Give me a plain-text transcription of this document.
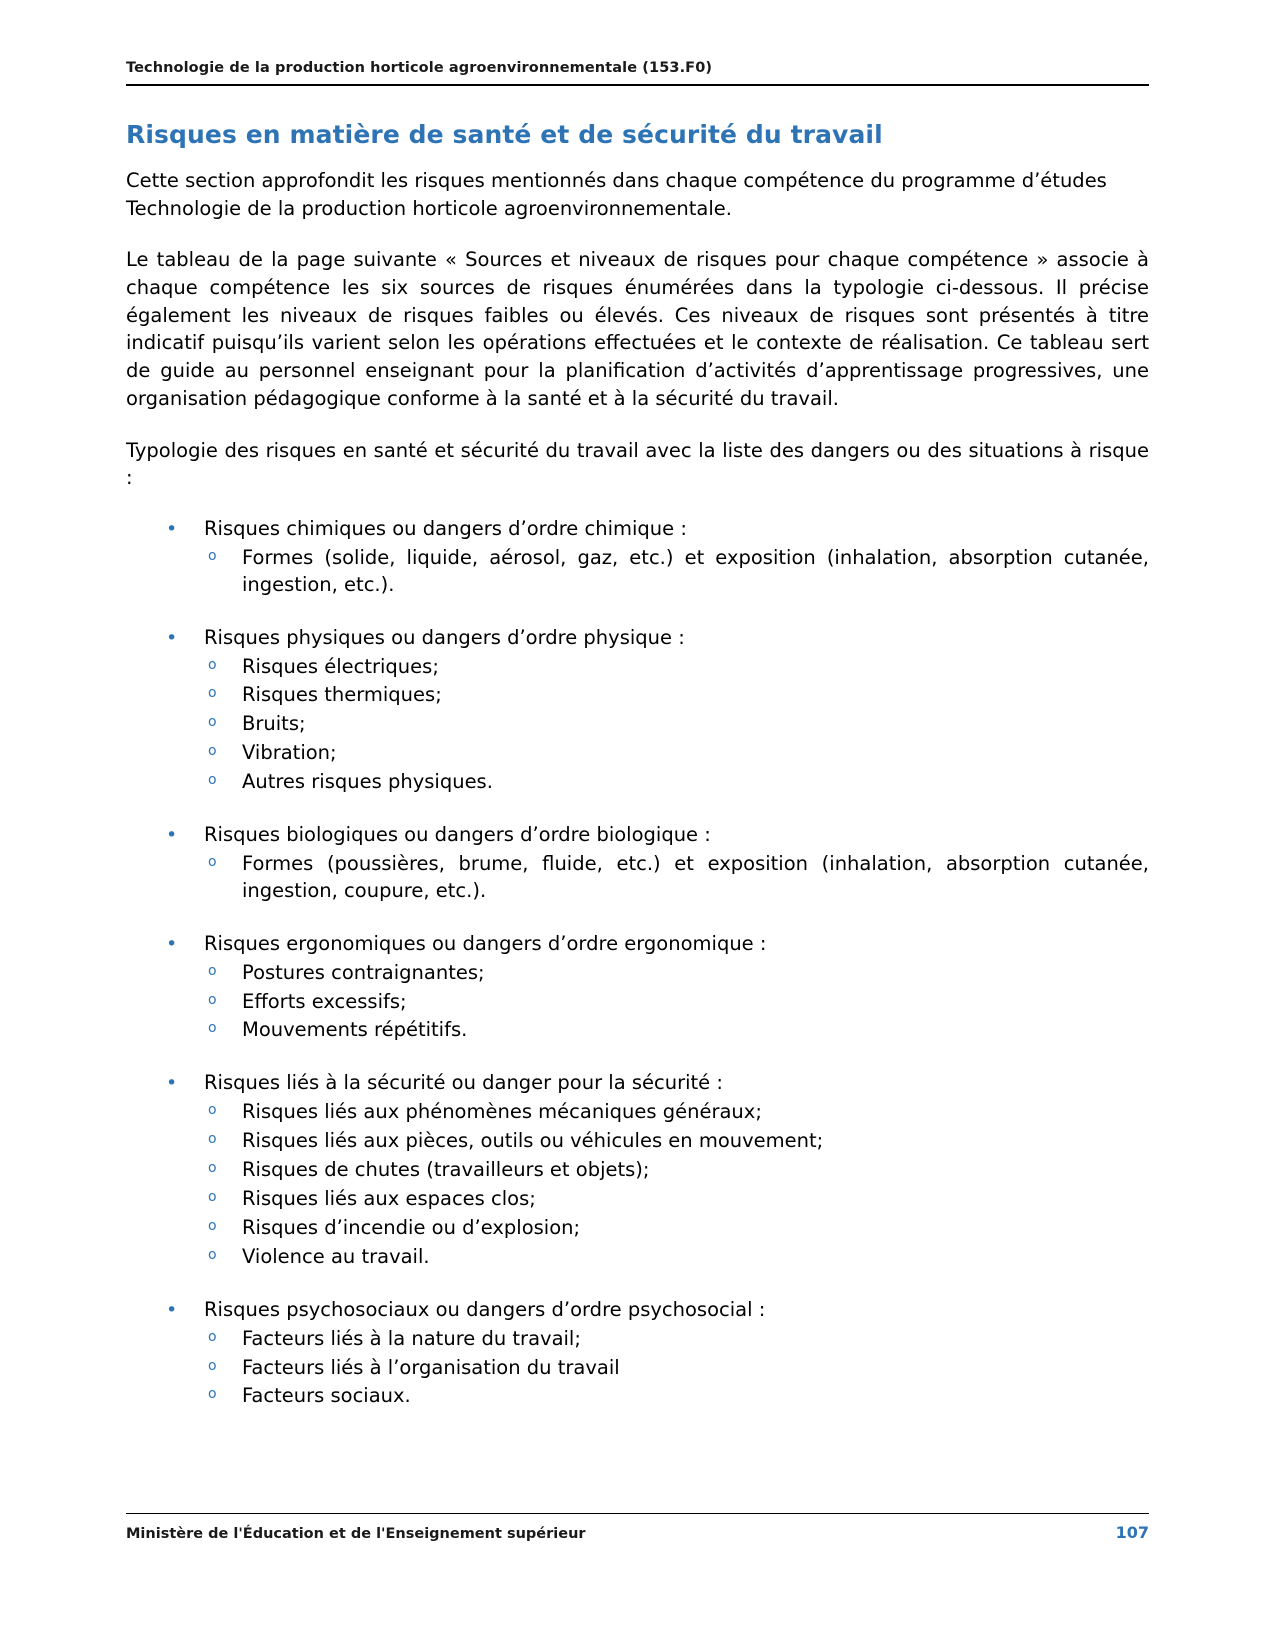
Technologie de la production horticole agroenvironnementale (153.F0)
Risques en matière de santé et de sécurité du travail

Cette section approfondit les risques mentionnés dans chaque compétence du programme d’études Technologie de la production horticole agroenvironnementale.

Le tableau de la page suivante « Sources et niveaux de risques pour chaque compétence » associe à chaque compétence les six sources de risques énumérées dans la typologie ci-dessous. Il précise également les niveaux de risques faibles ou élevés. Ces niveaux de risques sont présentés à titre indicatif puisqu’ils varient selon les opérations effectuées et le contexte de réalisation. Ce tableau sert de guide au personnel enseignant pour la planification d’activités d’apprentissage progressives, une organisation pédagogique conforme à la santé et à la sécurité du travail.

Typologie des risques en santé et sécurité du travail avec la liste des dangers ou des situations à risque :

• Risques chimiques ou dangers d’ordre chimique :
o Formes (solide, liquide, aérosol, gaz, etc.) et exposition (inhalation, absorption cutanée, ingestion, etc.).
• Risques physiques ou dangers d’ordre physique :
o Risques électriques;
o Risques thermiques;
o Bruits;
o Vibration;
o Autres risques physiques.
• Risques biologiques ou dangers d’ordre biologique :
o Formes (poussières, brume, fluide, etc.) et exposition (inhalation, absorption cutanée, ingestion, coupure, etc.).
• Risques ergonomiques ou dangers d’ordre ergonomique :
o Postures contraignantes;
o Efforts excessifs;
o Mouvements répétitifs.
• Risques liés à la sécurité ou danger pour la sécurité :
o Risques liés aux phénomènes mécaniques généraux;
o Risques liés aux pièces, outils ou véhicules en mouvement;
o Risques de chutes (travailleurs et objets);
o Risques liés aux espaces clos;
o Risques d’incendie ou d’explosion;
o Violence au travail.
• Risques psychosociaux ou dangers d’ordre psychosocial :
o Facteurs liés à la nature du travail;
o Facteurs liés à l’organisation du travail
o Facteurs sociaux.
Ministère de l'Éducation et de l'Enseignement supérieur	107
